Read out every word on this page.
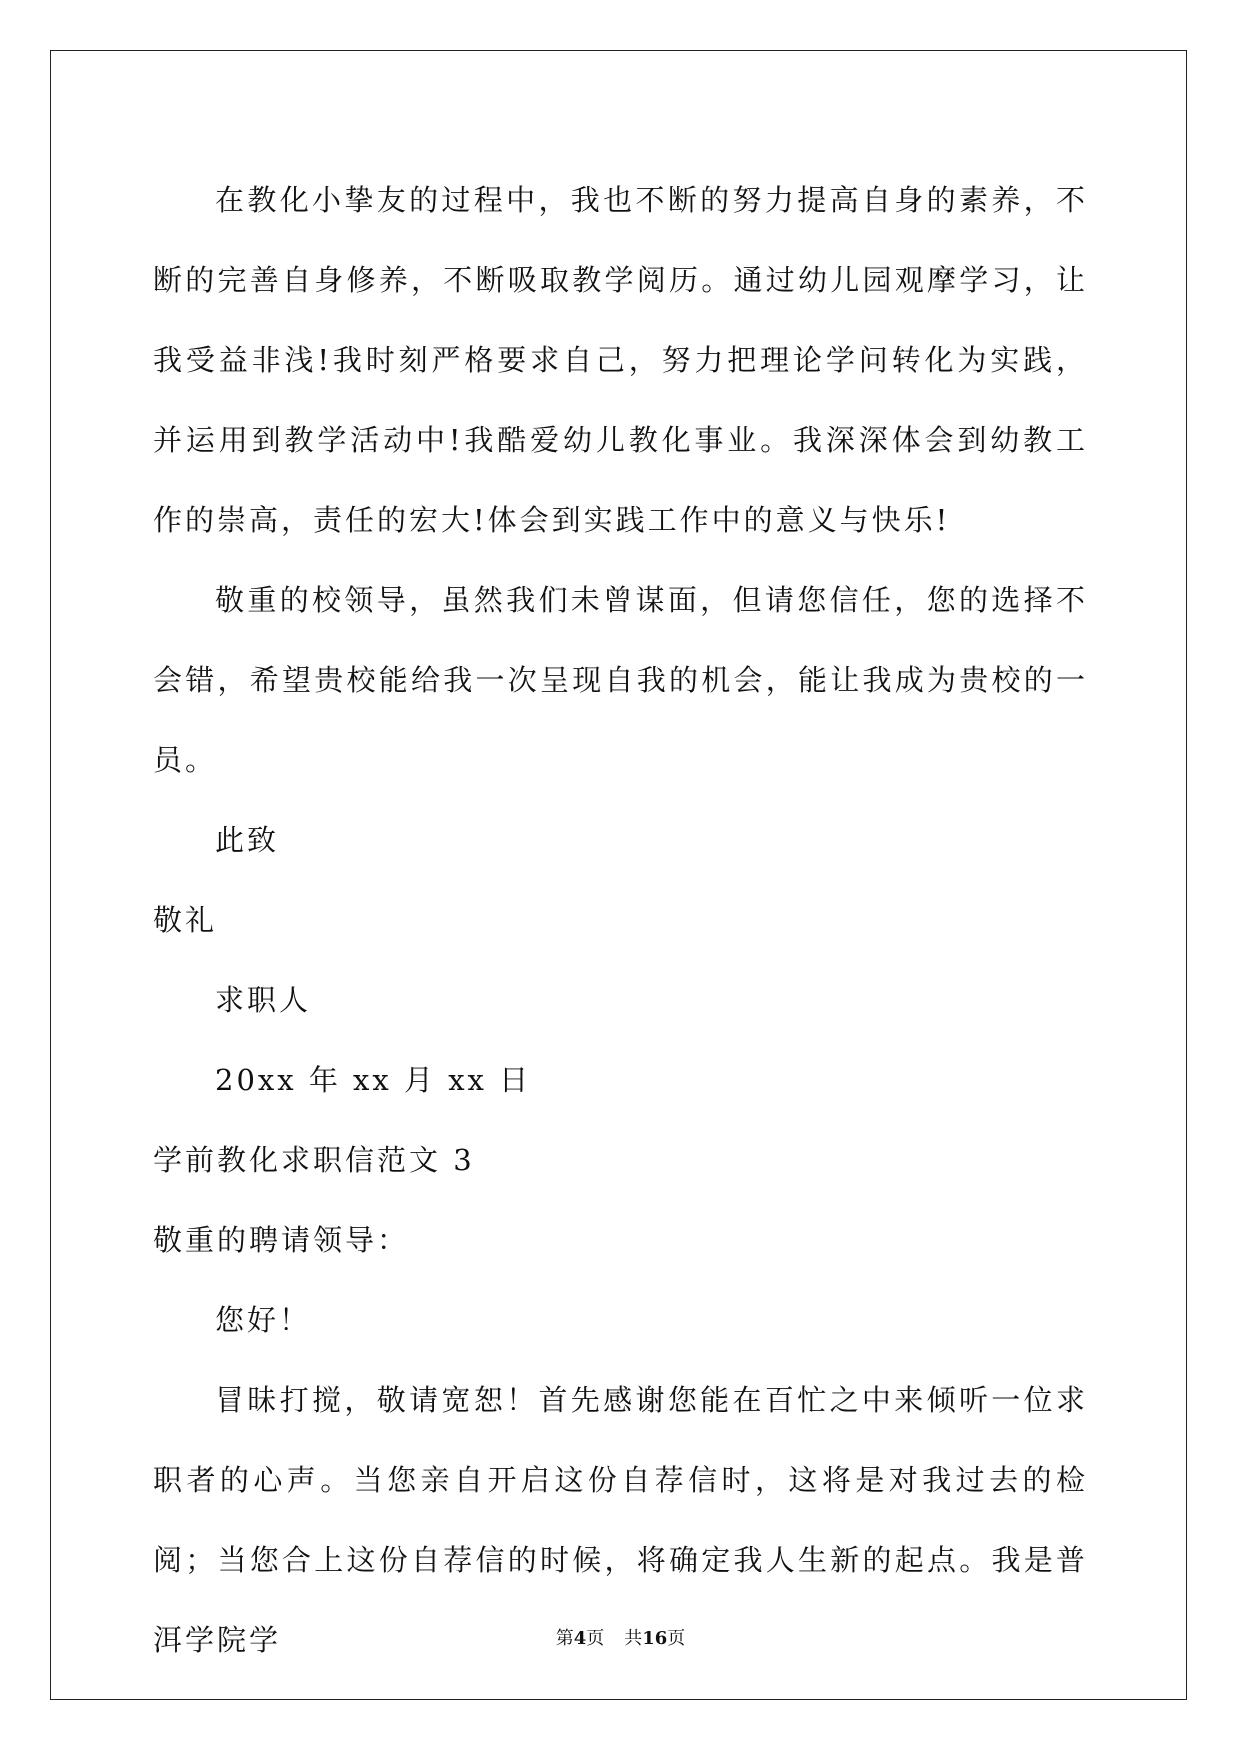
在教化小挚友的过程中，我也不断的努力提高自身的素养，不断的完善自身修养，不断吸取教学阅历。通过幼儿园观摩学习，让我受益非浅!我时刻严格要求自己，努力把理论学问转化为实践，并运用到教学活动中!我酷爱幼儿教化事业。我深深体会到幼教工作的崇高，责任的宏大!体会到实践工作中的意义与快乐!

敬重的校领导，虽然我们未曾谋面，但请您信任，您的选择不会错，希望贵校能给我一次呈现自我的机会，能让我成为贵校的一员。

此致

敬礼

求职人

20xx 年 xx 月 xx 日

学前教化求职信范文 3

敬重的聘请领导：

您好！

冒昧打搅，敬请宽恕！首先感谢您能在百忙之中来倾听一位求职者的心声。当您亲自开启这份自荐信时，这将是对我过去的检阅；当您合上这份自荐信的时候，将确定我人生新的起点。我是普洱学院学	第4页 共16页
